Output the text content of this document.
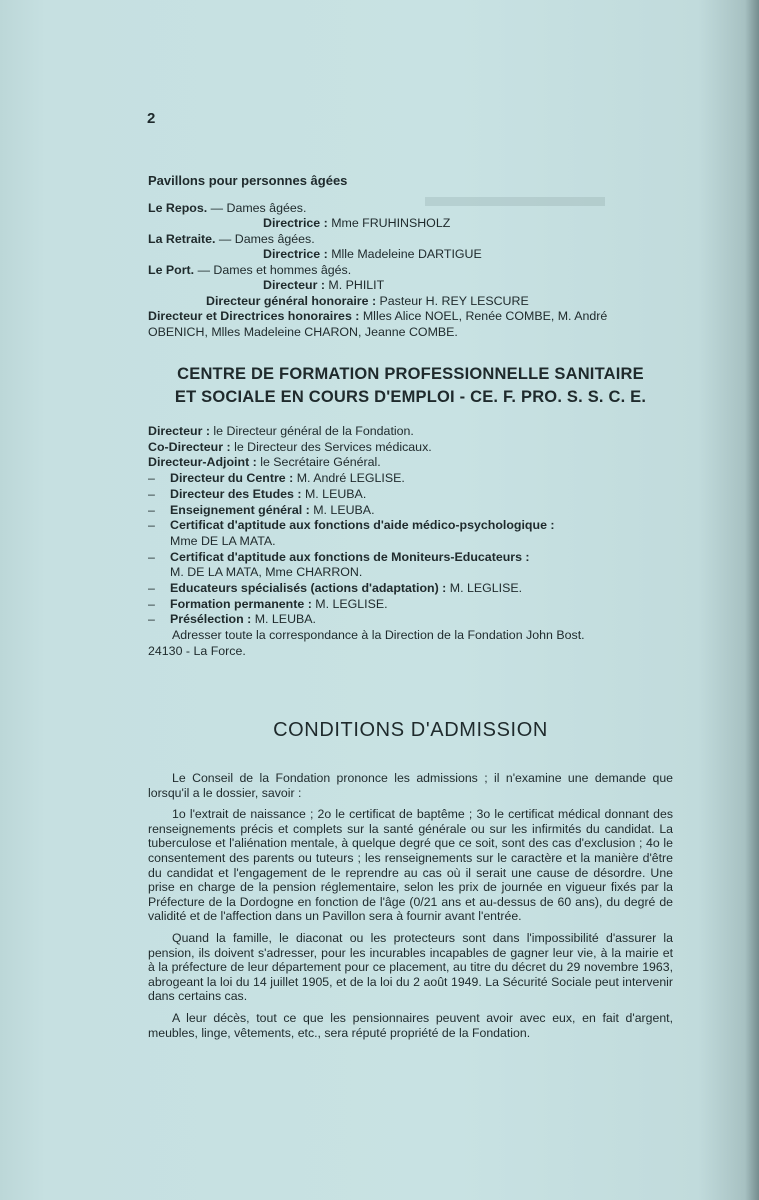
▬▬▬▬▬▬
2
Pavillons pour personnes âgées
Le Repos. — Dames âgées.
Directrice : Mme FRUHINSHOLZ
La Retraite. — Dames âgées.
Directrice : Mlle Madeleine DARTIGUE
Le Port. — Dames et hommes âgés.
Directeur : M. PHILIT
Directeur général honoraire : Pasteur H. REY LESCURE
Directeur et Directrices honoraires : Mlles Alice NOEL, Renée COMBE, M. André
OBENICH, Mlles Madeleine CHARON, Jeanne COMBE.
CENTRE DE FORMATION PROFESSIONNELLE SANITAIRE
ET SOCIALE EN COURS D'EMPLOI - CE. F. PRO. S. S. C. E.
Directeur : le Directeur général de la Fondation.
Co-Directeur : le Directeur des Services médicaux.
Directeur-Adjoint : le Secrétaire Général.
– Directeur du Centre : M. André LEGLISE.
– Directeur des Etudes : M. LEUBA.
– Enseignement général : M. LEUBA.
– Certificat d'aptitude aux fonctions d'aide médico-psychologique :
Mme DE LA MATA.
– Certificat d'aptitude aux fonctions de Moniteurs-Educateurs :
M. DE LA MATA, Mme CHARRON.
– Educateurs spécialisés (actions d'adaptation) : M. LEGLISE.
– Formation permanente : M. LEGLISE.
– Présélection : M. LEUBA.
Adresser toute la correspondance à la Direction de la Fondation John Bost.
24130 - La Force.
CONDITIONS D'ADMISSION

Le Conseil de la Fondation prononce les admissions ; il n'examine une demande que lorsqu'il a le dossier, savoir :

1o l'extrait de naissance ; 2o le certificat de baptême ; 3o le certificat médical donnant des renseignements précis et complets sur la santé générale ou sur les infirmités du candidat. La tuberculose et l'aliénation mentale, à quelque degré que ce soit, sont des cas d'exclusion ; 4o le consentement des parents ou tuteurs ; les renseignements sur le caractère et la manière d'être du candidat et l'engagement de le reprendre au cas où il serait une cause de désordre. Une prise en charge de la pension réglementaire, selon les prix de journée en vigueur fixés par la Préfecture de la Dordogne en fonction de l'âge (0/21 ans et au-dessus de 60 ans), du degré de validité et de l'affection dans un Pavillon sera à fournir avant l'entrée.

Quand la famille, le diaconat ou les protecteurs sont dans l'impossibilité d'assurer la pension, ils doivent s'adresser, pour les incurables incapables de gagner leur vie, à la mairie et à la préfecture de leur département pour ce placement, au titre du décret du 29 novembre 1963, abrogeant la loi du 14 juillet 1905, et de la loi du 2 août 1949. La Sécurité Sociale peut intervenir dans certains cas.

A leur décès, tout ce que les pensionnaires peuvent avoir avec eux, en fait d'argent, meubles, linge, vêtements, etc., sera réputé propriété de la Fondation.
